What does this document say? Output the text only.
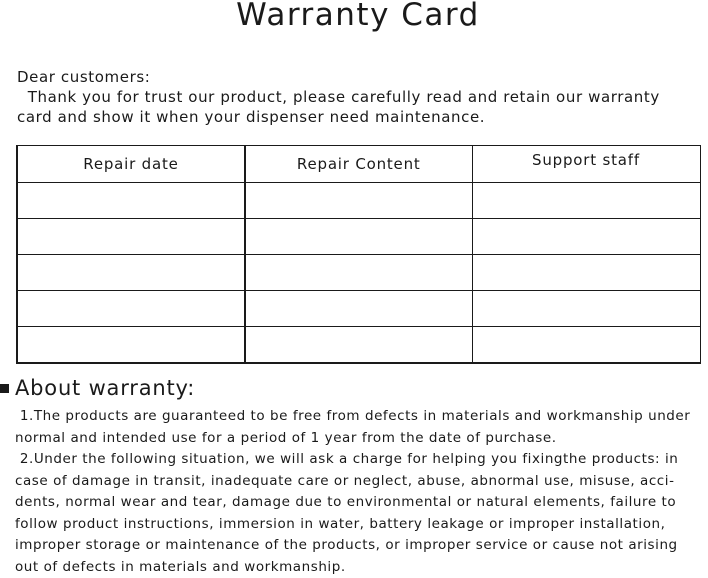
Warranty Card
Dear customers:
Thank you for trust our product, please carefully read and retain our warranty
card and show it when your dispenser need maintenance.
Repair date	Repair Content	Support staff

About warranty:
1.The products are guaranteed to be free from defects in materials and workmanship under
normal and intended use for a period of 1 year from the date of purchase.
2.Under the following situation, we will ask a charge for helping you fixingthe products: in
case of damage in transit, inadequate care or neglect, abuse, abnormal use, misuse, acci-
dents, normal wear and tear, damage due to environmental or natural elements, failure to
follow product instructions, immersion in water, battery leakage or improper installation,
improper storage or maintenance of the products, or improper service or cause not arising
out of defects in materials and workmanship.
